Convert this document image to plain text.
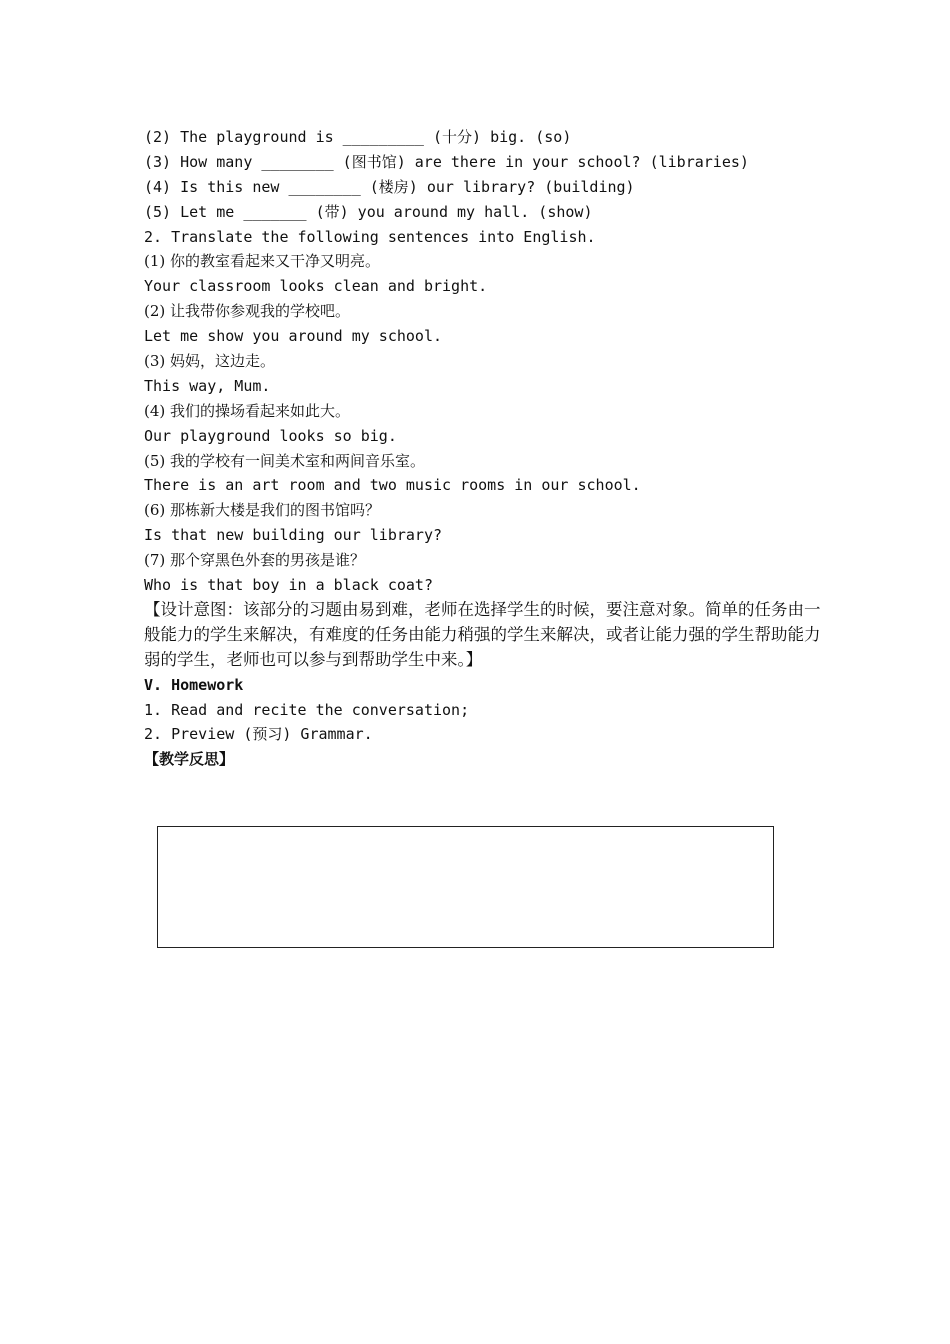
(2) The playground is _________ (十分) big. (so)
(3) How many ________ (图书馆) are there in your school? (libraries)
(4) Is this new ________ (楼房) our library? (building)
(5) Let me _______ (带) you around my hall. (show)
2. Translate the following sentences into English.
(1) 你的教室看起来又干净又明亮。
Your classroom looks clean and bright.
(2) 让我带你参观我的学校吧。
Let me show you around my school.
(3) 妈妈，这边走。
This way, Mum.
(4) 我们的操场看起来如此大。
Our playground looks so big.
(5) 我的学校有一间美术室和两间音乐室。
There is an art room and two music rooms in our school.
(6) 那栋新大楼是我们的图书馆吗？
Is that new building our library?
(7) 那个穿黑色外套的男孩是谁？
Who is that boy in a black coat?
【设计意图：该部分的习题由易到难，老师在选择学生的时候，要注意对象。简单的任务由一般能力的学生来解决，有难度的任务由能力稍强的学生来解决，或者让能力强的学生帮助能力弱的学生，老师也可以参与到帮助学生中来。】
V. Homework
1. Read and recite the conversation;
2. Preview (预习) Grammar.
【教学反思】
